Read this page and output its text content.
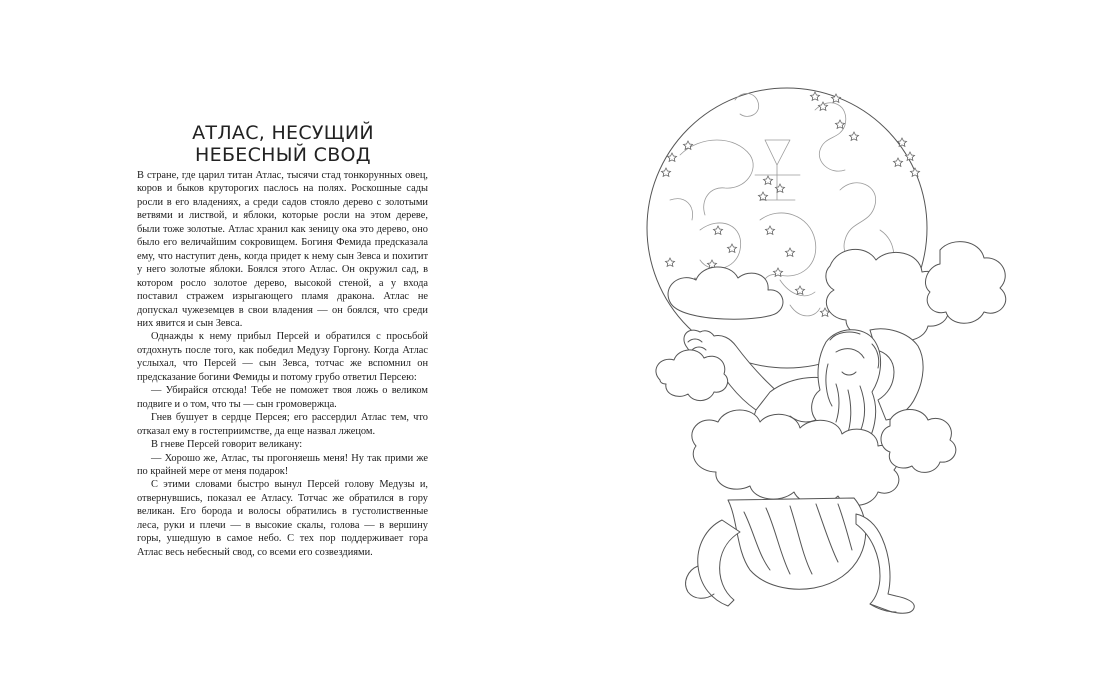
АТЛАС, НЕСУЩИЙ
НЕБЕСНЫЙ СВОД

В стране, где царил титан Атлас, тысячи стад тонкорунных овец, коров и быков круторогих паслось на полях. Роскошные сады росли в его владениях, а среди садов стояло дерево с золотыми ветвями и листвой, и яблоки, которые росли на этом дереве, были тоже золотые. Атлас хранил как зеницу ока это дерево, оно было его величайшим сокровищем. Богиня Фемида предсказала ему, что наступит день, когда придет к нему сын Зевса и похитит у него золотые яблоки. Боялся этого Атлас. Он окружил сад, в котором росло золотое дерево, высокой стеной, а у входа поставил стражем изрыгающего пламя дракона. Атлас не допускал чужеземцев в свои владения — он боялся, что среди них явится и сын Зевса.

Однажды к нему прибыл Персей и обратился с просьбой отдохнуть после того, как победил Медузу Горгону. Когда Атлас услыхал, что Персей — сын Зевса, тотчас же вспомнил он предсказание богини Фемиды и потому грубо ответил Персею:

— Убирайся отсюда! Тебе не поможет твоя ложь о великом подвиге и о том, что ты — сын громовержца.

Гнев бушует в сердце Персея; его рассердил Атлас тем, что отказал ему в гостеприимстве, да еще назвал лжецом.

В гневе Персей говорит великану:

— Хорошо же, Атлас, ты прогоняешь меня! Ну так прими же по крайней мере от меня подарок!

С этими словами быстро вынул Персей голову Медузы и, отвернувшись, показал ее Атласу. Тотчас же обратился в гору великан. Его борода и волосы обратились в густолиственные леса, руки и плечи — в высокие скалы, голова — в вершину горы, ушедшую в самое небо. С тех пор поддерживает гора Атлас весь небесный свод, со всеми его созвездиями.
